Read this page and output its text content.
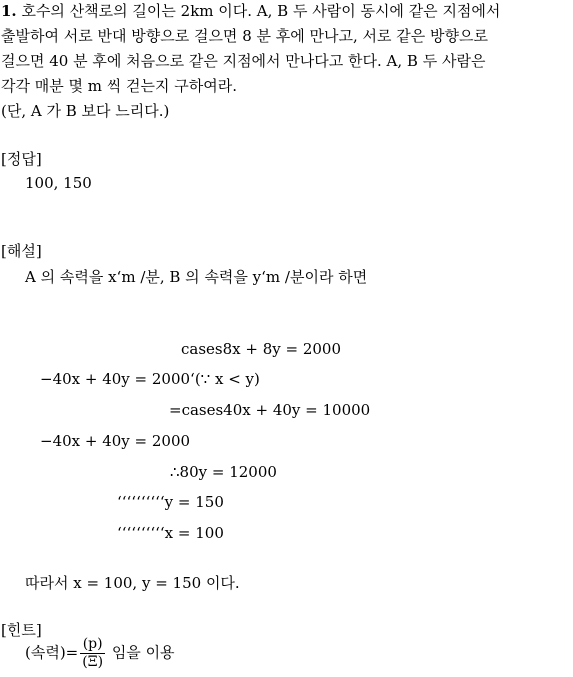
1. 호수의 산책로의 길이는 2km 이다. A, B 두 사람이 동시에 같은 지점에서
출발하여 서로 반대 방향으로 걸으면 8 분 후에 만나고, 서로 같은 방향으로
걸으면 40 분 후에 처음으로 같은 지점에서 만나다고 한다. A, B 두 사람은
각각 매분 몇 m 씩 걷는지 구하여라.
(단, A 가 B 보다 느리다.)
[정답]
100, 150
[해설]
A 의 속력을 x‘m /분, B 의 속력을 y‘m /분이라 하면
cases8x + 8y = 2000
−40x + 40y = 2000‘(∵ x < y)
=cases40x + 40y = 10000
−40x + 40y = 2000
∴80y = 12000
‘‘‘‘‘‘‘‘‘‘y = 150
‘‘‘‘‘‘‘‘‘‘x = 100
따라서 x = 100, y = 150 이다.
[힌트]
(속력)= $\frac{(p)}{(\Xi)}$ 임을 이용
